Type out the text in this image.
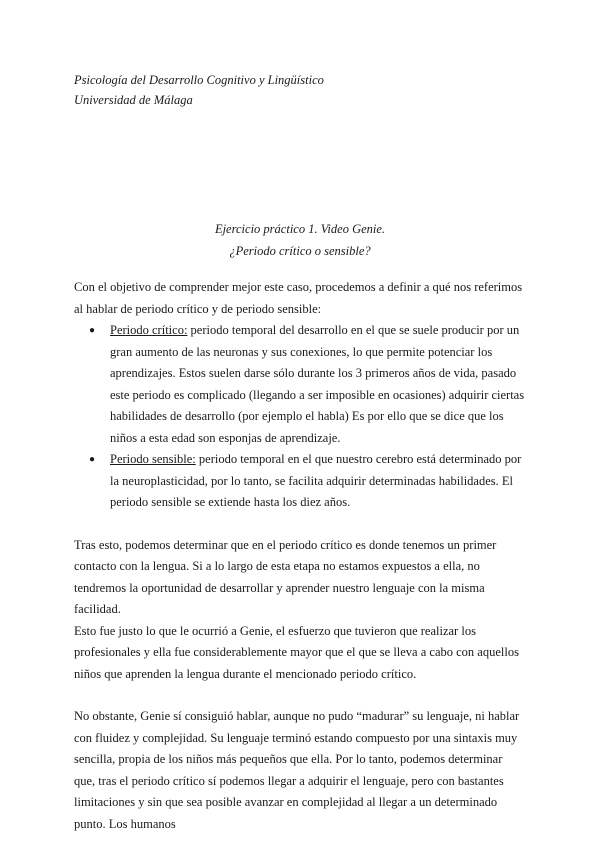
Psicología del Desarrollo Cognitivo y Lingüístico
Universidad de Málaga
Ejercicio práctico 1. Video Genie.
¿Periodo crítico o sensible?

Con el objetivo de comprender mejor este caso, procedemos a definir a qué nos referimos al hablar de periodo crítico y de periodo sensible:

● Periodo crítico: periodo temporal del desarrollo en el que se suele producir por un gran aumento de las neuronas y sus conexiones, lo que permite potenciar los aprendizajes. Estos suelen darse sólo durante los 3 primeros años de vida, pasado este periodo es complicado (llegando a ser imposible en ocasiones) adquirir ciertas habilidades de desarrollo (por ejemplo el habla) Es por ello que se dice que los niños a esta edad son esponjas de aprendizaje.
● Periodo sensible: periodo temporal en el que nuestro cerebro está determinado por la neuroplasticidad, por lo tanto, se facilita adquirir determinadas habilidades. El periodo sensible se extiende hasta los diez años.

Tras esto, podemos determinar que en el periodo crítico es donde tenemos un primer contacto con la lengua. Si a lo largo de esta etapa no estamos expuestos a ella, no tendremos la oportunidad de desarrollar y aprender nuestro lenguaje con la misma facilidad.

Esto fue justo lo que le ocurrió a Genie, el esfuerzo que tuvieron que realizar los profesionales y ella fue considerablemente mayor que el que se lleva a cabo con aquellos niños que aprenden la lengua durante el mencionado periodo crítico.

No obstante, Genie sí consiguió hablar, aunque no pudo “madurar” su lenguaje, ni hablar con fluidez y complejidad. Su lenguaje terminó estando compuesto por una sintaxis muy sencilla, propia de los niños más pequeños que ella. Por lo tanto, podemos determinar que, tras el periodo crítico sí podemos llegar a adquirir el lenguaje, pero con bastantes limitaciones y sin que sea posible avanzar en complejidad al llegar a un determinado punto. Los humanos
